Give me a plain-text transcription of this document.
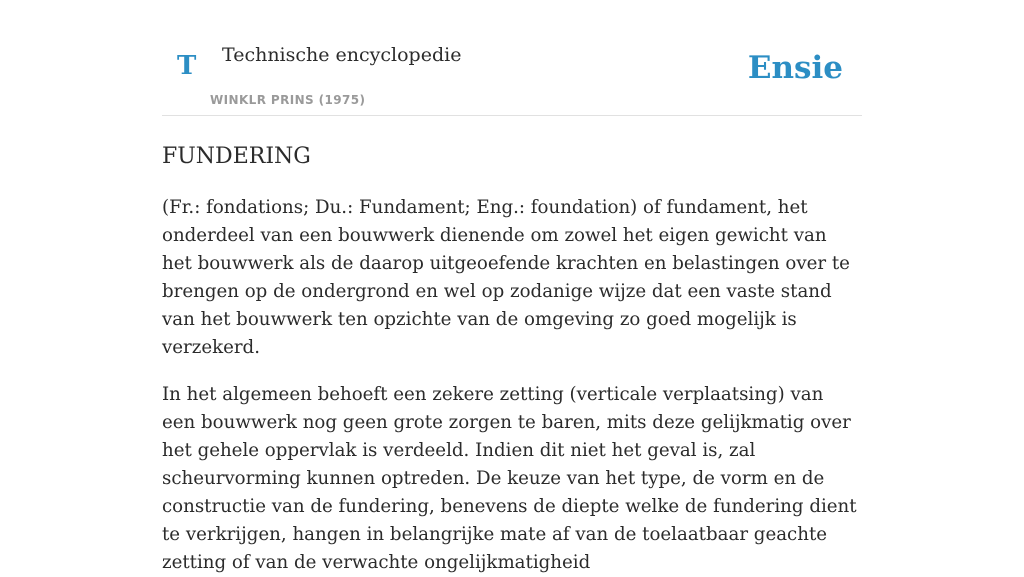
T Technische encyclopedie
WINKLR PRINS (1975)
Ensie
FUNDERING

(Fr.: fondations; Du.: Fundament; Eng.: foundation) of fundament, het onderdeel van een bouwwerk dienende om zowel het eigen gewicht van het bouwwerk als de daarop uitgeoefende krachten en belastingen over te brengen op de ondergrond en wel op zodanige wijze dat een vaste stand van het bouwwerk ten opzichte van de omgeving zo goed mogelijk is verzekerd.

In het algemeen behoeft een zekere zetting (verticale verplaatsing) van een bouwwerk nog geen grote zorgen te baren, mits deze gelijkmatig over het gehele oppervlak is verdeeld. Indien dit niet het geval is, zal scheurvorming kunnen optreden. De keuze van het type, de vorm en de constructie van de fundering, benevens de diepte welke de fundering dient te verkrijgen, hangen in belangrijke mate af van de toelaatbaar geachte zetting of van de verwachte ongelijkmatigheid
